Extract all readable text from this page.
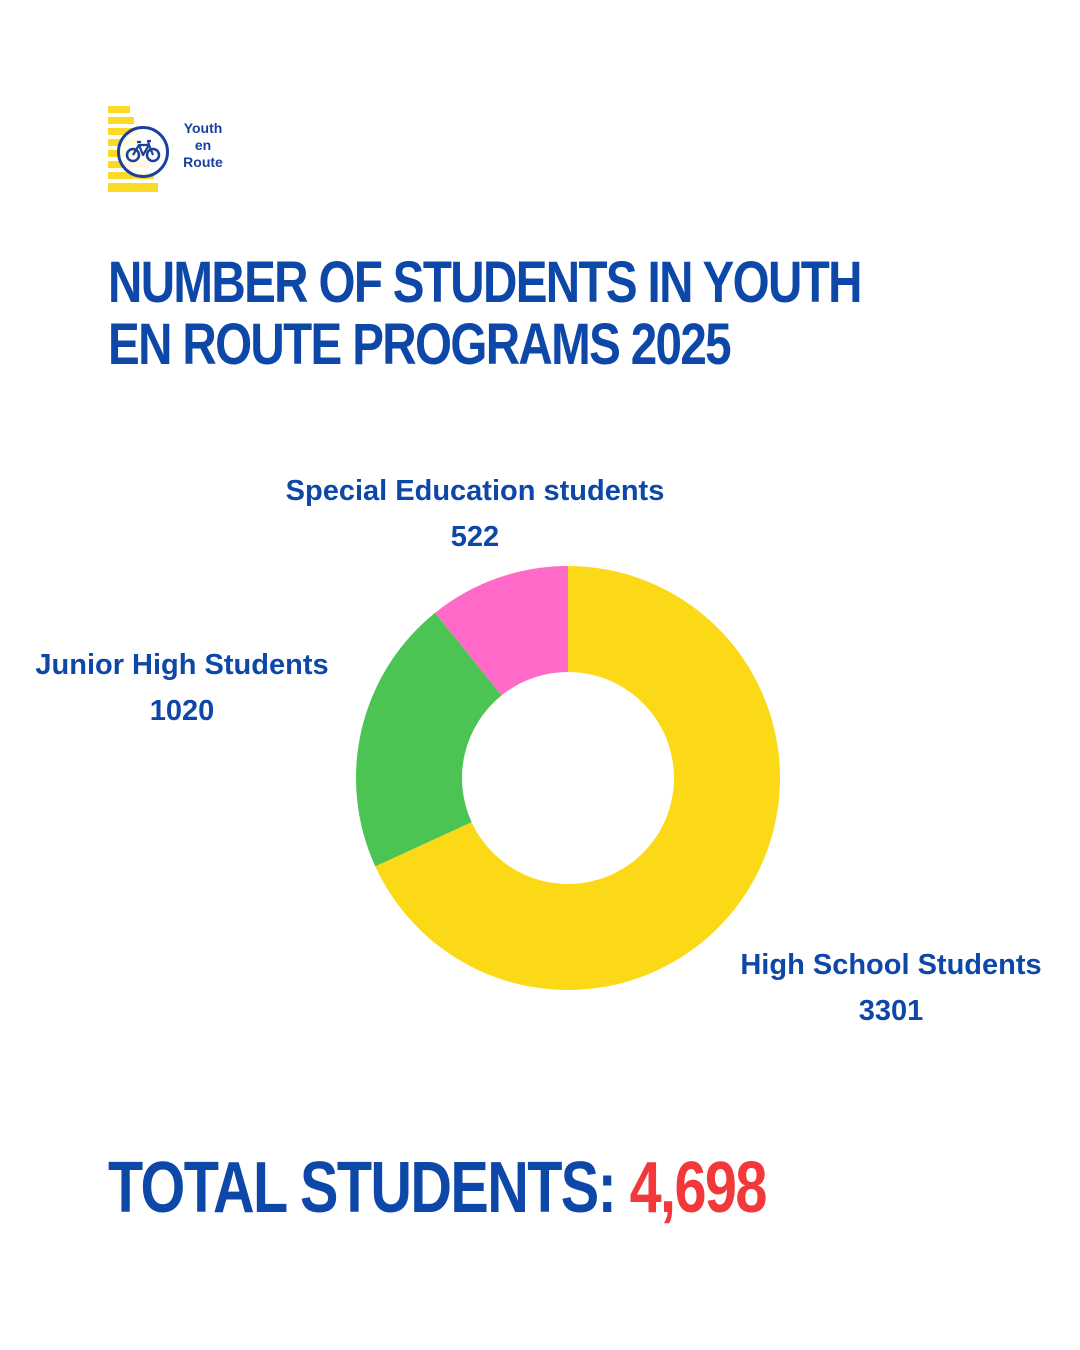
Youth
en
Route
NUMBER OF STUDENTS IN YOUTH EN ROUTE PROGRAMS 2025
High School Students
3301
Junior High Students
1020
Special Education students
522
TOTAL STUDENTS: 4,698
